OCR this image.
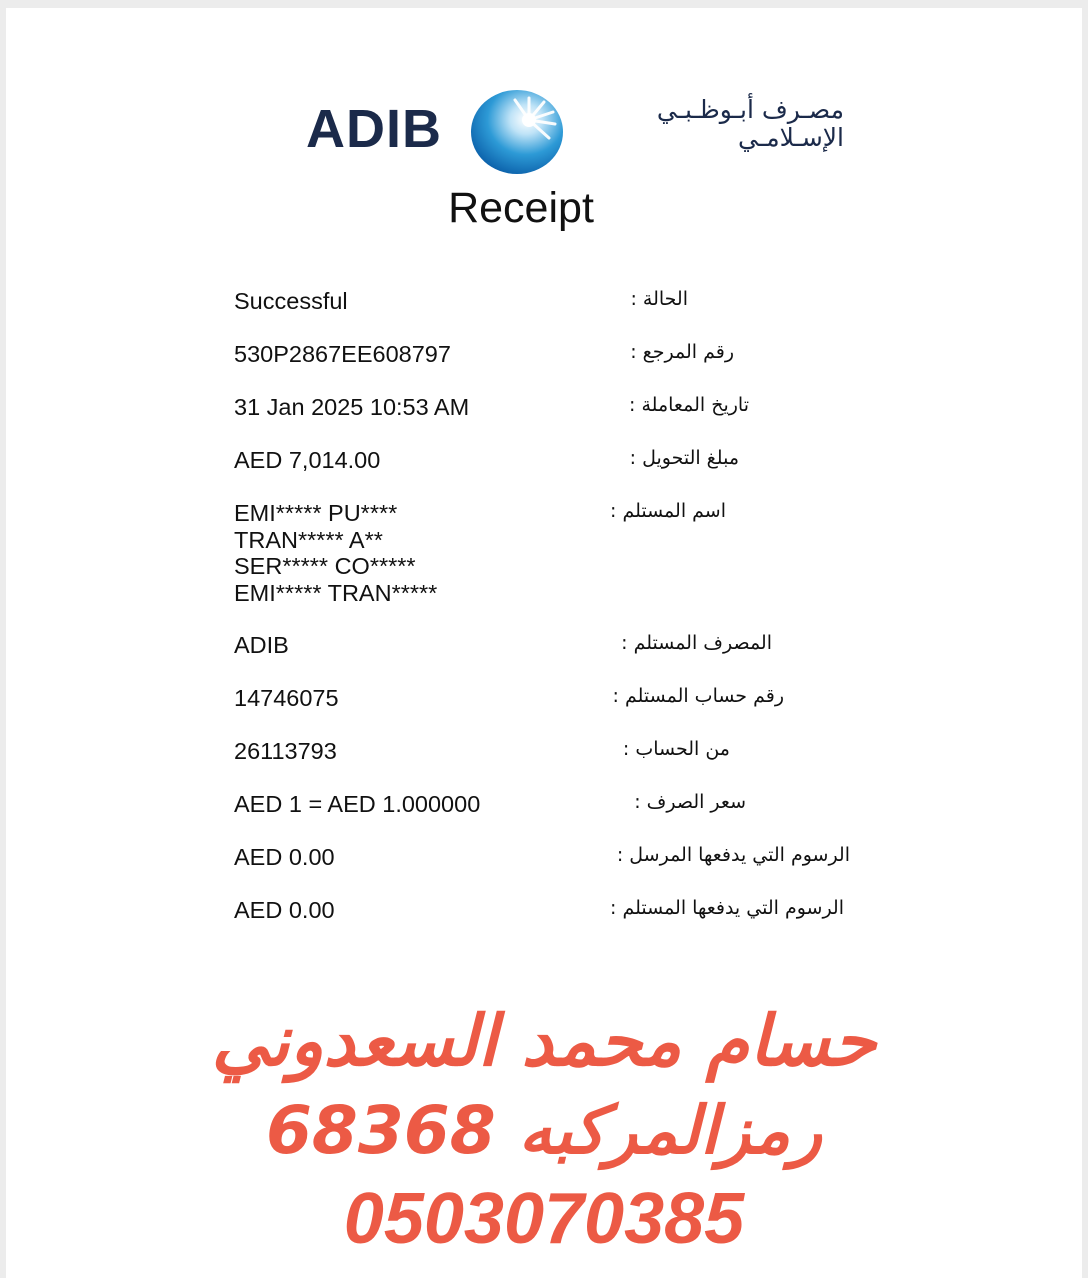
ADIB	مصـرف أبـوظـبـي
الإسـلامـي
Receipt
Successful	الحالة :
530P2867EE608797	رقم المرجع :
31 Jan 2025 10:53 AM	تاريخ المعاملة :
AED 7,014.00	مبلغ التحويل :
EMI***** PU****
TRAN***** A**
SER***** CO*****
EMI***** TRAN*****
اسم المستلم :
ADIB	المصرف المستلم :
14746075	رقم حساب المستلم :
26113793	من الحساب :
AED 1 = AED 1.000000	سعر الصرف :
AED 0.00	الرسوم التي يدفعها المرسل :
AED 0.00	الرسوم التي يدفعها المستلم :
حسام محمد السعدوني
رمزالمركبه 68368
0503070385
